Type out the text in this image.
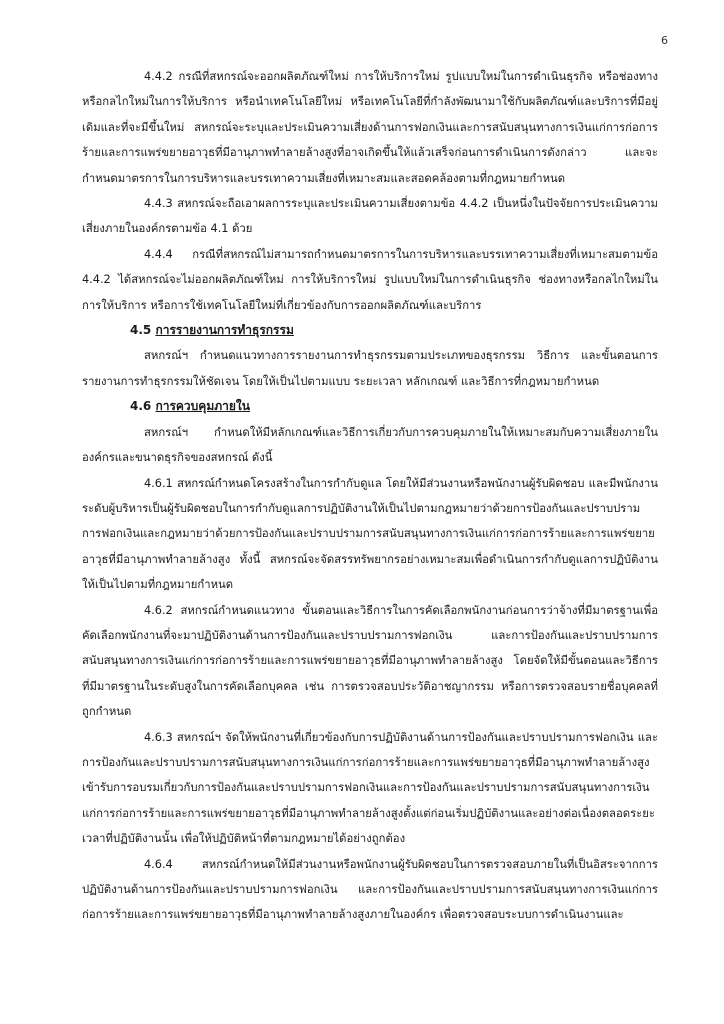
6

4.4.2 กรณีที่สหกรณ์จะออกผลิตภัณฑ์ใหม่ การให้บริการใหม่ รูปแบบใหม่ในการดำเนินธุรกิจ หรือช่องทางหรือกลไกใหม่ในการให้บริการ หรือนำเทคโนโลยีใหม่ หรือเทคโนโลยีที่กำลังพัฒนามาใช้กับผลิตภัณฑ์และบริการที่มีอยู่เดิมและที่จะมีขึ้นใหม่ สหกรณ์จะระบุและประเมินความเสี่ยงด้านการฟอกเงินและการสนับสนุนทางการเงินแก่การก่อการร้ายและการแพร่ขยายอาวุธที่มีอานุภาพทำลายล้างสูงที่อาจเกิดขึ้นให้แล้วเสร็จก่อนการดำเนินการดังกล่าว และจะกำหนดมาตรการในการบริหารและบรรเทาความเสี่ยงที่เหมาะสมและสอดคล้องตามที่กฎหมายกำหนด

4.4.3 สหกรณ์จะถือเอาผลการระบุและประเมินความเสี่ยงตามข้อ 4.4.2 เป็นหนึ่งในปัจจัยการประเมินความเสี่ยงภายในองค์กรตามข้อ 4.1 ด้วย

4.4.4 กรณีที่สหกรณ์ไม่สามารถกำหนดมาตรการในการบริหารและบรรเทาความเสี่ยงที่เหมาะสมตามข้อ 4.4.2 ได้สหกรณ์จะไม่ออกผลิตภัณฑ์ใหม่ การให้บริการใหม่ รูปแบบใหม่ในการดำเนินธุรกิจ ช่องทางหรือกลไกใหม่ในการให้บริการ หรือการใช้เทคโนโลยีใหม่ที่เกี่ยวข้องกับการออกผลิตภัณฑ์และบริการ

4.5 การรายงานการทำธุรกรรม

สหกรณ์ฯ กำหนดแนวทางการรายงานการทำธุรกรรมตามประเภทของธุรกรรม วิธีการ และขั้นตอนการรายงานการทำธุรกรรมให้ชัดเจน โดยให้เป็นไปตามแบบ ระยะเวลา หลักเกณฑ์ และวิธีการที่กฎหมายกำหนด

4.6 การควบคุมภายใน

สหกรณ์ฯ กำหนดให้มีหลักเกณฑ์และวิธีการเกี่ยวกับการควบคุมภายในให้เหมาะสมกับความเสี่ยงภายในองค์กรและขนาดธุรกิจของสหกรณ์ ดังนี้

4.6.1 สหกรณ์กำหนดโครงสร้างในการกำกับดูแล โดยให้มีส่วนงานหรือพนักงานผู้รับผิดชอบ และมีพนักงานระดับผู้บริหารเป็นผู้รับผิดชอบในการกำกับดูแลการปฏิบัติงานให้เป็นไปตามกฎหมายว่าด้วยการป้องกันและปราบปรามการฟอกเงินและกฎหมายว่าด้วยการป้องกันและปราบปรามการสนับสนุนทางการเงินแก่การก่อการร้ายและการแพร่ขยายอาวุธที่มีอานุภาพทำลายล้างสูง ทั้งนี้ สหกรณ์จะจัดสรรทรัพยากรอย่างเหมาะสมเพื่อดำเนินการกำกับดูแลการปฏิบัติงานให้เป็นไปตามที่กฎหมายกำหนด

4.6.2 สหกรณ์กำหนดแนวทาง ขั้นตอนและวิธีการในการคัดเลือกพนักงานก่อนการว่าจ้างที่มีมาตรฐานเพื่อคัดเลือกพนักงานที่จะมาปฏิบัติงานด้านการป้องกันและปราบปรามการฟอกเงิน และการป้องกันและปราบปรามการสนับสนุนทางการเงินแก่การก่อการร้ายและการแพร่ขยายอาวุธที่มีอานุภาพทำลายล้างสูง โดยจัดให้มีขั้นตอนและวิธีการที่มีมาตรฐานในระดับสูงในการคัดเลือกบุคคล เช่น การตรวจสอบประวัติอาชญากรรม หรือการตรวจสอบรายชื่อบุคคลที่ถูกกำหนด

4.6.3 สหกรณ์ฯ จัดให้พนักงานที่เกี่ยวข้องกับการปฏิบัติงานด้านการป้องกันและปราบปรามการฟอกเงิน และการป้องกันและปราบปรามการสนับสนุนทางการเงินแก่การก่อการร้ายและการแพร่ขยายอาวุธที่มีอานุภาพทำลายล้างสูง เข้ารับการอบรมเกี่ยวกับการป้องกันและปราบปรามการฟอกเงินและการป้องกันและปราบปรามการสนับสนุนทางการเงินแก่การก่อการร้ายและการแพร่ขยายอาวุธที่มีอานุภาพทำลายล้างสูงตั้งแต่ก่อนเริ่มปฏิบัติงานและอย่างต่อเนื่องตลอดระยะเวลาที่ปฏิบัติงานนั้น เพื่อให้ปฏิบัติหน้าที่ตามกฎหมายได้อย่างถูกต้อง

4.6.4 สหกรณ์กำหนดให้มีส่วนงานหรือพนักงานผู้รับผิดชอบในการตรวจสอบภายในที่เป็นอิสระจากการปฏิบัติงานด้านการป้องกันและปราบปรามการฟอกเงิน และการป้องกันและปราบปรามการสนับสนุนทางการเงินแก่การก่อการร้ายและการแพร่ขยายอาวุธที่มีอานุภาพทำลายล้างสูงภายในองค์กร เพื่อตรวจสอบระบบการดำเนินงานและ
